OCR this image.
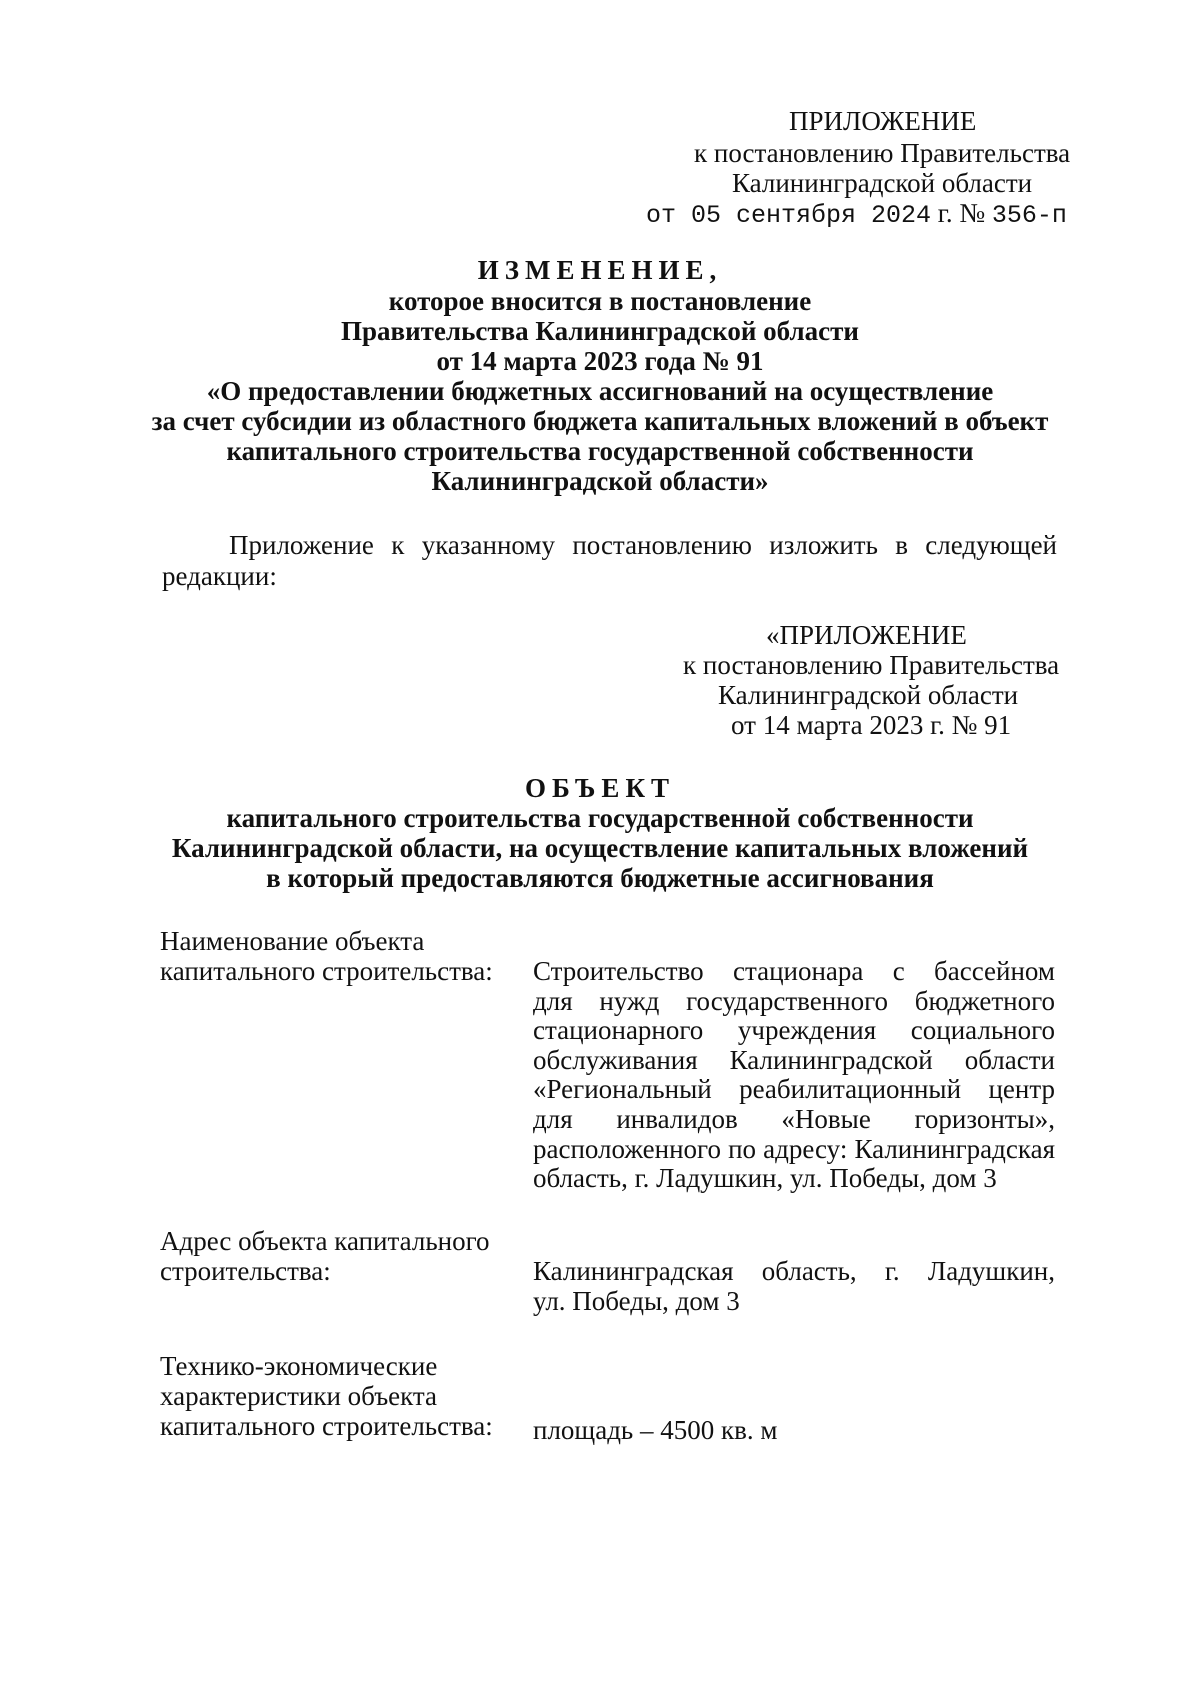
ПРИЛОЖЕНИЕ
к постановлению Правительства
Калининградской области
от 05 сентября 2024 г. № 356-п
ИЗМЕНЕНИЕ,
которое вносится в постановление
Правительства Калининградской области
от 14 марта 2023 года № 91
«О предоставлении бюджетных ассигнований на осуществление
за счет субсидии из областного бюджета капитальных вложений в объект
капитального строительства государственной собственности
Калининградской области»
Приложение к указанному постановлению изложить в следующей
редакции:
«ПРИЛОЖЕНИЕ
к постановлению Правительства
Калининградской области
от 14 марта 2023 г. № 91
ОБЪЕКТ
капитального строительства государственной собственности
Калининградской области, на осуществление капитальных вложений
в который предоставляются бюджетные ассигнования
Наименование объекта
капитального строительства: Строительство стационара с бассейном
для нужд государственного бюджетного
стационарного учреждения социального
обслуживания Калининградской области
«Региональный реабилитационный центр
для инвалидов «Новые горизонты»,
расположенного по адресу: Калининградская
область, г. Ладушкин, ул. Победы, дом 3
Адрес объекта капитального
строительства:	Калининградская область, г. Ладушкин,
ул. Победы, дом 3
Технико-экономические
характеристики объекта
капитального строительства: площадь – 4500 кв. м
